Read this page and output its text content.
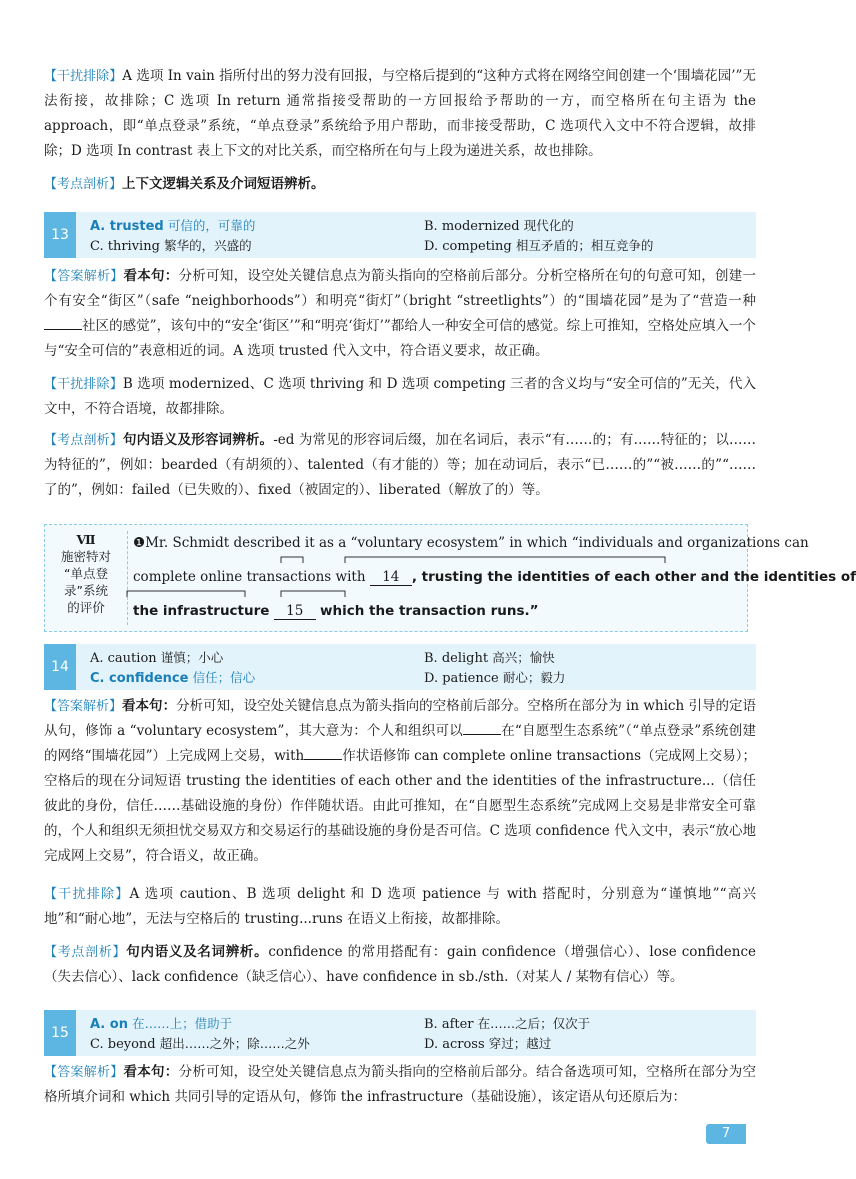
【干扰排除】A 选项 In vain 指所付出的努力没有回报，与空格后提到的“这种方式将在网络空间创建一个‘围墙花园’”无法衔接，故排除；C 选项 In return 通常指接受帮助的一方回报给予帮助的一方，而空格所在句主语为 the approach，即“单点登录”系统，“单点登录”系统给予用户帮助，而非接受帮助，C 选项代入文中不符合逻辑，故排除；D 选项 In contrast 表上下文的对比关系，而空格所在句与上段为递进关系，故也排除。
【考点剖析】上下文逻辑关系及介词短语辨析。
13
A. trusted 可信的，可靠的	B. modernized 现代化的
C. thriving 繁华的，兴盛的	D. competing 相互矛盾的；相互竞争的
【答案解析】看本句：分析可知，设空处关键信息点为箭头指向的空格前后部分。分析空格所在句的句意可知，创建一个有安全“街区”（safe “neighborhoods”）和明亮“街灯”（bright “streetlights”）的“围墙花园”是为了“营造一种社区的感觉”，该句中的“安全‘街区’”和“明亮‘街灯’”都给人一种安全可信的感觉。综上可推知，空格处应填入一个与“安全可信的”表意相近的词。A 选项 trusted 代入文中，符合语义要求，故正确。
【干扰排除】B 选项 modernized、C 选项 thriving 和 D 选项 competing 三者的含义均与“安全可信的”无关，代入文中，不符合语境，故都排除。
【考点剖析】句内语义及形容词辨析。-ed 为常见的形容词后缀，加在名词后，表示“有……的；有……特征的；以……为特征的”，例如：bearded（有胡须的）、talented（有才能的）等；加在动词后，表示“已……的”“被……的”“……了的”，例如：failed（已失败的）、fixed（被固定的）、liberated（解放了的）等。
Ⅶ
施密特对
“单点登
录”系统
的评价
❶Mr. Schmidt described it as a “voluntary ecosystem” in which “individuals and organizations can
complete online transactions with 14 , trusting the identities of each other and the identities of
the infrastructure 15 which the transaction runs.”
14
A. caution 谨慎；小心	B. delight 高兴；愉快
C. confidence 信任；信心	D. patience 耐心；毅力
【答案解析】看本句：分析可知，设空处关键信息点为箭头指向的空格前后部分。空格所在部分为 in which 引导的定语从句，修饰 a “voluntary ecosystem”，其大意为：个人和组织可以	在“自愿型生态系统”（“单点登录”系统创建的网络“围墙花园”）上完成网上交易，with	作状语修饰 can complete online transactions（完成网上交易）；空格后的现在分词短语 trusting the identities of each other and the identities of the infrastructure...（信任彼此的身份，信任……基础设施的身份）作伴随状语。由此可推知，在“自愿型生态系统”完成网上交易是非常安全可靠的，个人和组织无须担忧交易双方和交易运行的基础设施的身份是否可信。C 选项 confidence 代入文中，表示“放心地完成网上交易”，符合语义，故正确。
【干扰排除】A 选项 caution、B 选项 delight 和 D 选项 patience 与 with 搭配时，分别意为“谨慎地”“高兴地”和“耐心地”，无法与空格后的 trusting...runs 在语义上衔接，故都排除。
【考点剖析】句内语义及名词辨析。confidence 的常用搭配有：gain confidence（增强信心）、lose confidence（失去信心）、lack confidence（缺乏信心）、have confidence in sb./sth.（对某人 / 某物有信心）等。
15
A. on 在……上；借助于	B. after 在……之后；仅次于
C. beyond 超出……之外；除……之外	D. across 穿过；越过
【答案解析】看本句：分析可知，设空处关键信息点为箭头指向的空格前后部分。结合备选项可知，空格所在部分为空格所填介词和 which 共同引导的定语从句，修饰 the infrastructure（基础设施），该定语从句还原后为：
7
